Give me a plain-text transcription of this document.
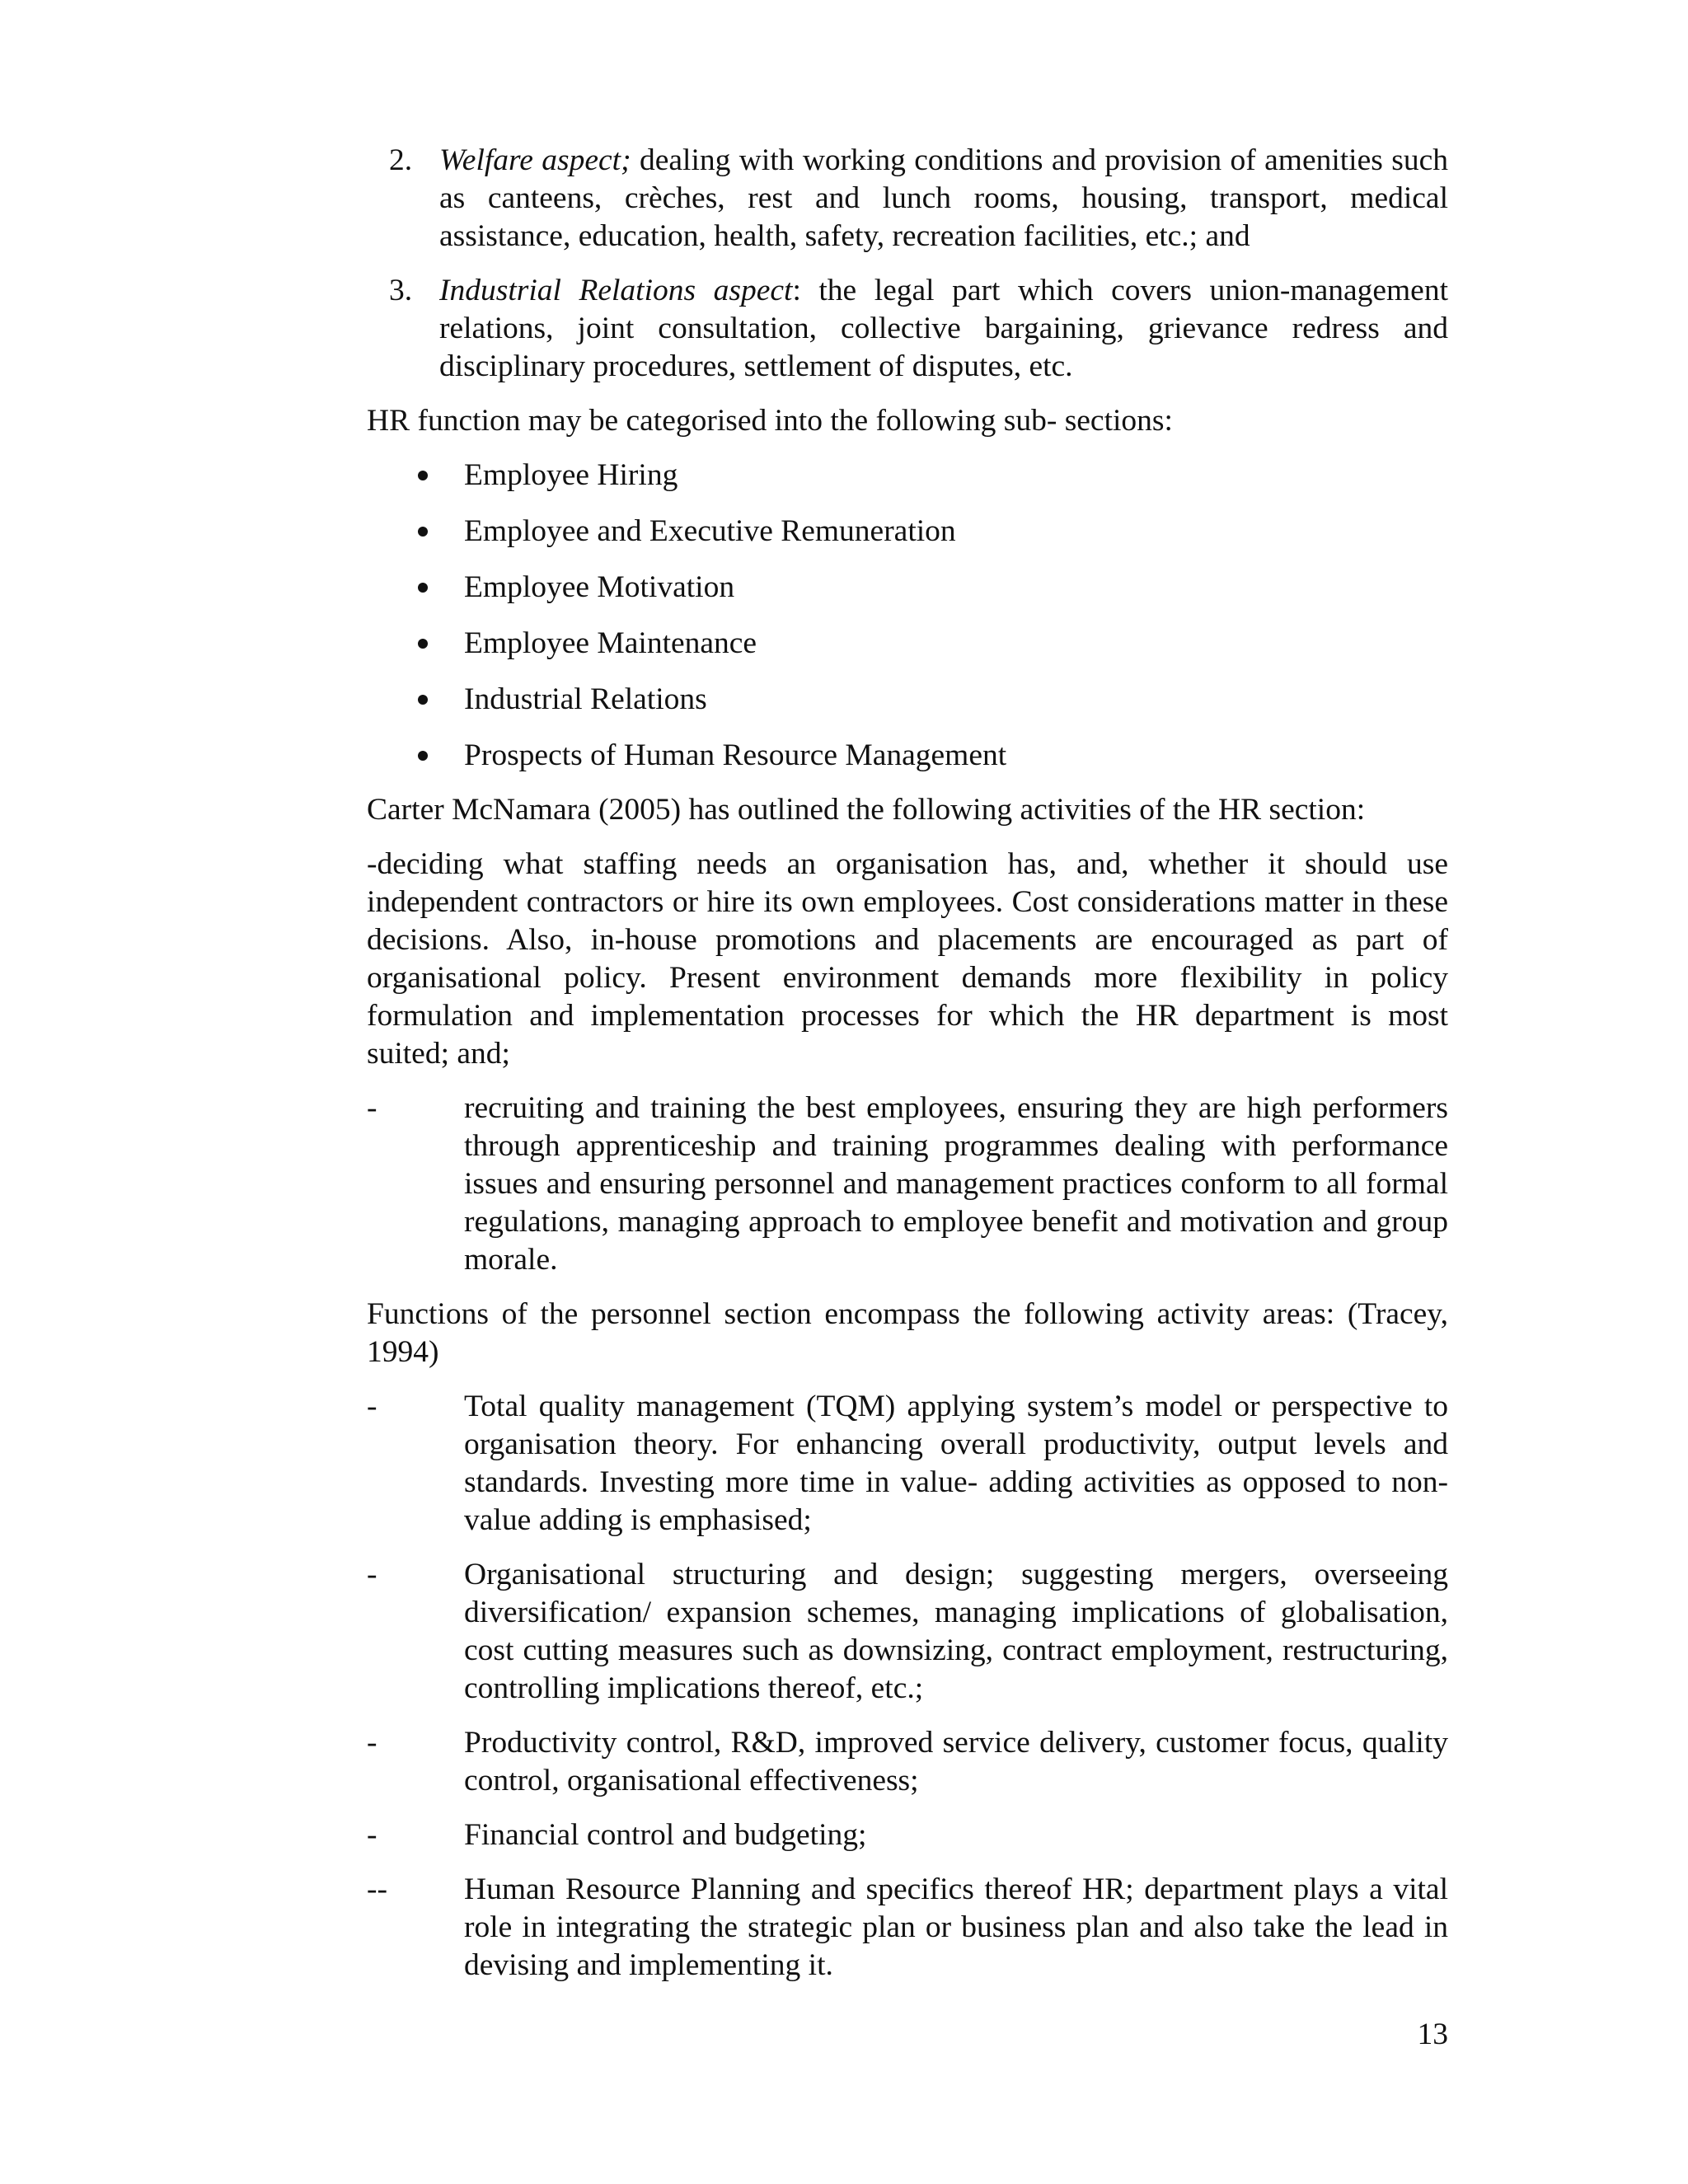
2. Welfare aspect; dealing with working conditions and provision of amenities such as canteens, crèches, rest and lunch rooms, housing, transport, medical assistance, education, health, safety, recreation facilities, etc.; and
3. Industrial Relations aspect: the legal part which covers union-management relations, joint consultation, collective bargaining, grievance redress and disciplinary procedures, settlement of disputes, etc.

HR function may be categorised into the following sub- sections:

Employee Hiring
Employee and Executive Remuneration
Employee Motivation
Employee Maintenance
Industrial Relations
Prospects of Human Resource Management

Carter McNamara (2005) has outlined the following activities of the HR section:

-deciding what staffing needs an organisation has, and, whether it should use independent contractors or hire its own employees. Cost considerations matter in these decisions. Also, in-house promotions and placements are encouraged as part of organisational policy. Present environment demands more flexibility in policy formulation and implementation processes for which the HR department is most suited; and;

-	recruiting and training the best employees, ensuring they are high performers through apprenticeship and training programmes dealing with performance issues and ensuring personnel and management practices conform to all formal regulations, managing approach to employee benefit and motivation and group morale.

Functions of the personnel section encompass the following activity areas: (Tracey, 1994)

-	Total quality management (TQM) applying system’s model or perspective to organisation theory. For enhancing overall productivity, output levels and standards. Investing more time in value- adding activities as opposed to non- value adding is emphasised;
-	Organisational structuring and design; suggesting mergers, overseeing diversification/ expansion schemes, managing implications of globalisation, cost cutting measures such as downsizing, contract employment, restructuring, controlling implications thereof, etc.;
-	Productivity control, R&D, improved service delivery, customer focus, quality control, organisational effectiveness;
-	Financial control and budgeting;
-- Human Resource Planning and specifics thereof HR; department plays a vital role in integrating the strategic plan or business plan and also take the lead in devising and implementing it.
13
